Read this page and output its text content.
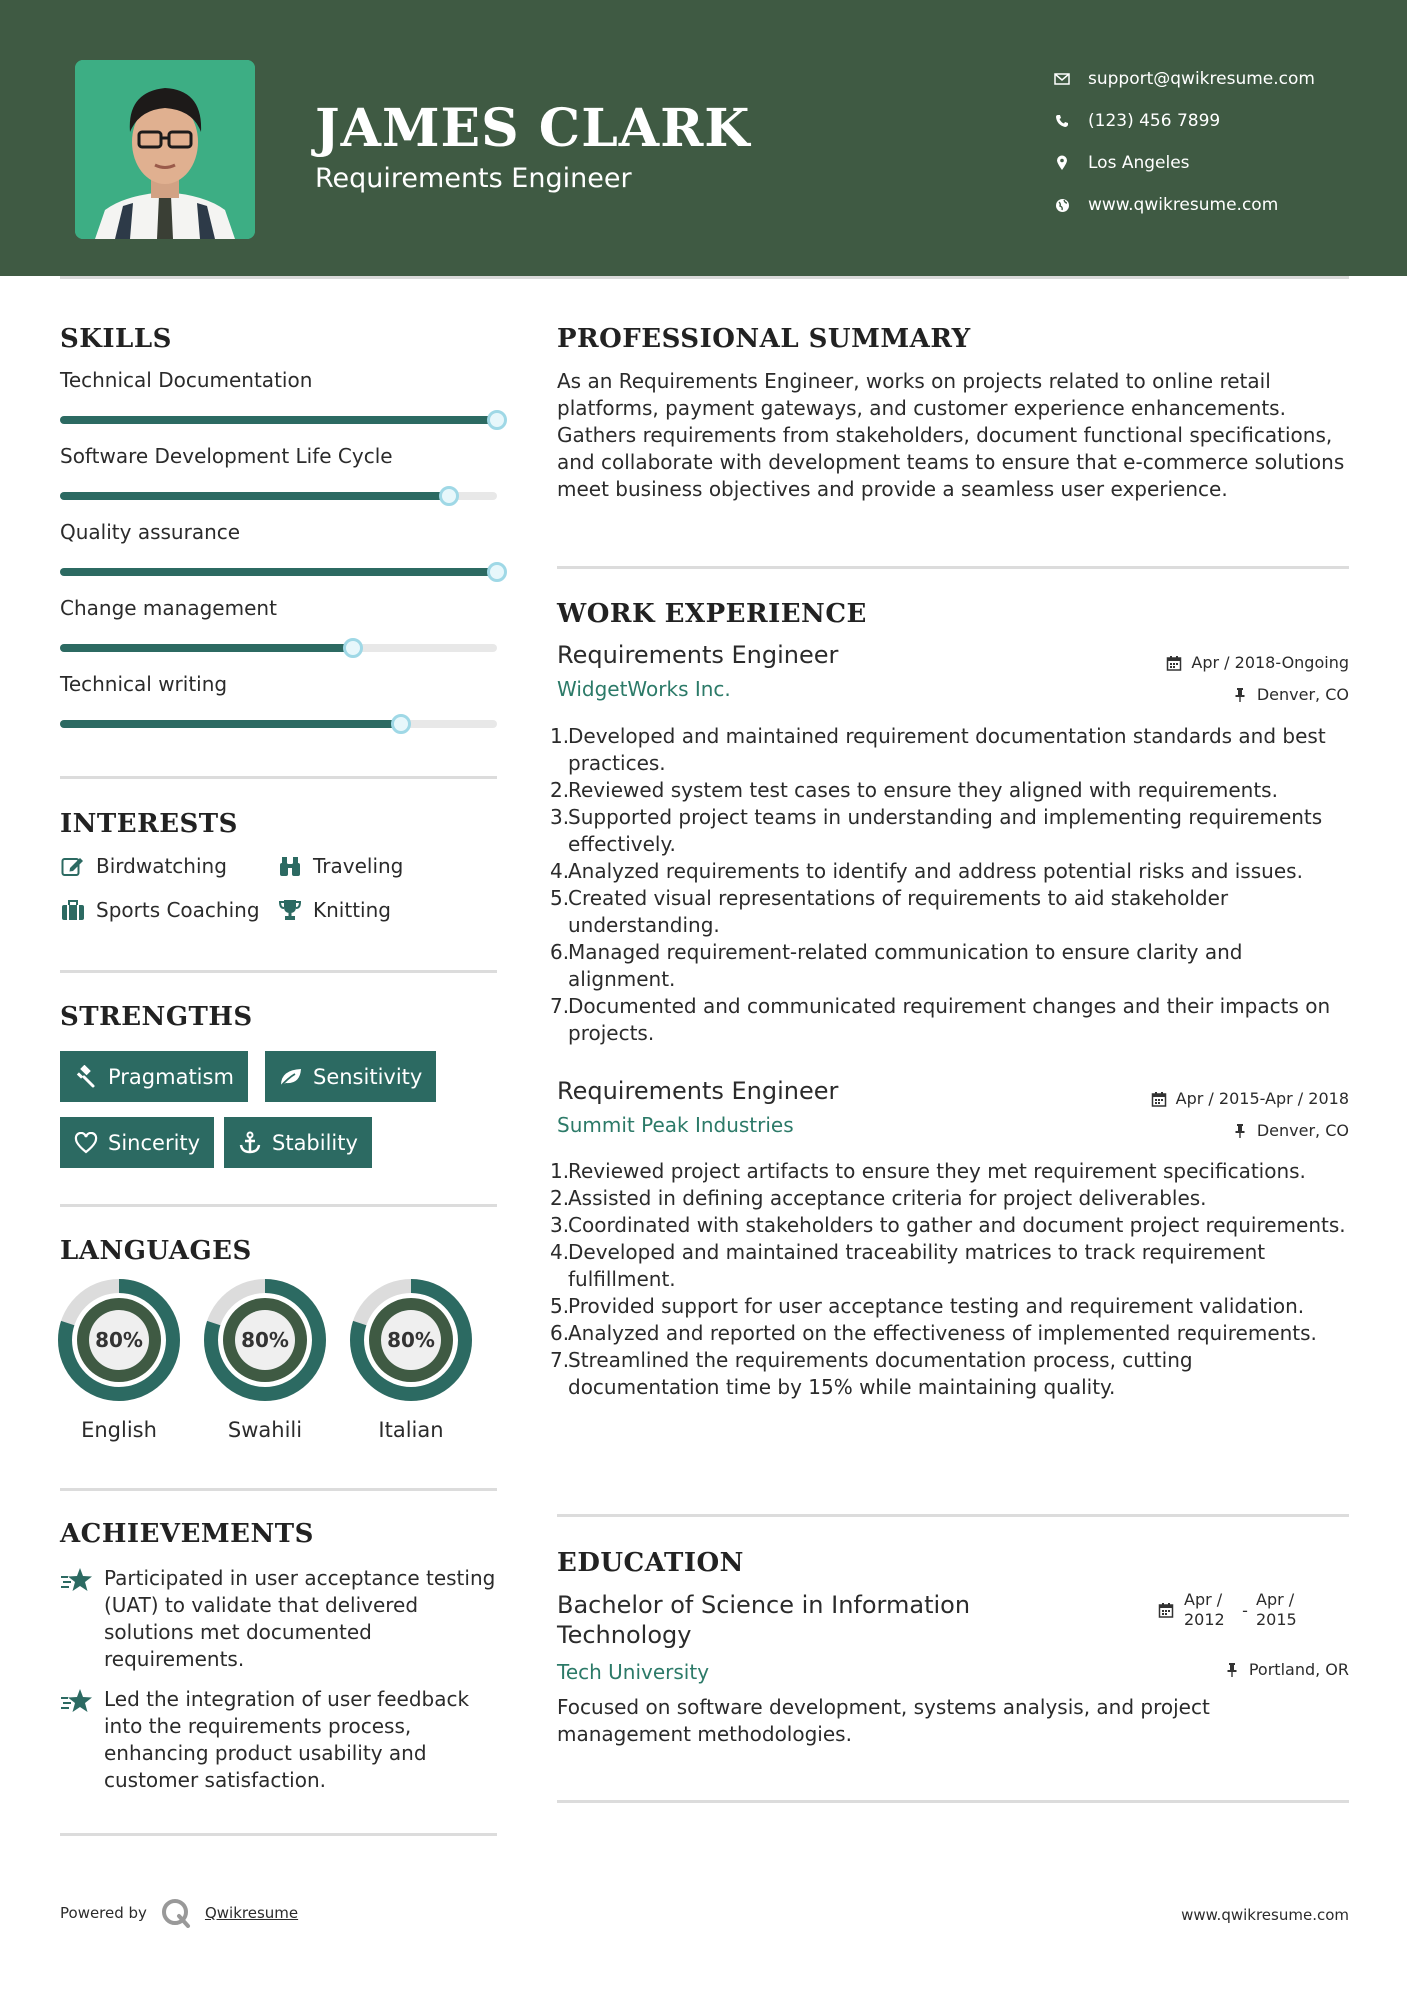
JAMES CLARK
Requirements Engineer
support@qwikresume.com
(123) 456 7899
Los Angeles
www.qwikresume.com
SKILLS
Technical Documentation
Software Development Life Cycle
Quality assurance
Change management
Technical writing
INTERESTS
Birdwatching	Traveling
Sports Coaching	Knitting
STRENGTHS
Pragmatism	Sensitivity
Sincerity	Stability
LANGUAGES
80%
English
80%
Swahili
80%
Italian
ACHIEVEMENTS
Participated in user acceptance testing (UAT) to validate that delivered solutions met documented requirements.
Led the integration of user feedback into the requirements process, enhancing product usability and customer satisfaction.
PROFESSIONAL SUMMARY
As an Requirements Engineer, works on projects related to online retail platforms, payment gateways, and customer experience enhancements. Gathers requirements from stakeholders, document functional specifications, and collaborate with development teams to ensure that e-commerce solutions meet business objectives and provide a seamless user experience.
WORK EXPERIENCE
Requirements Engineer
WidgetWorks Inc.
Apr / 2018-Ongoing
Denver, CO
1.
Developed and maintained requirement documentation standards and best practices.
2.
Reviewed system test cases to ensure they aligned with requirements.
3.
Supported project teams in understanding and implementing requirements effectively.
4.
Analyzed requirements to identify and address potential risks and issues.
5.
Created visual representations of requirements to aid stakeholder understanding.
6.
Managed requirement-related communication to ensure clarity and alignment.
7.
Documented and communicated requirement changes and their impacts on projects.
Requirements Engineer
Summit Peak Industries
Apr / 2015-Apr / 2018
Denver, CO
1.
Reviewed project artifacts to ensure they met requirement specifications.
2.
Assisted in defining acceptance criteria for project deliverables.
3.
Coordinated with stakeholders to gather and document project requirements.
4.
Developed and maintained traceability matrices to track requirement fulfillment.
5.
Provided support for user acceptance testing and requirement validation.
6.
Analyzed and reported on the effectiveness of implemented requirements.
7.
Streamlined the requirements documentation process, cutting documentation time by 15% while maintaining quality.
EDUCATION
Bachelor of Science in Information Technology
Tech University
Apr / 2012	-
Apr / 2015
Portland, OR
Focused on software development, systems analysis, and project management methodologies.
Powered by	Qwikresume	www.qwikresume.com
